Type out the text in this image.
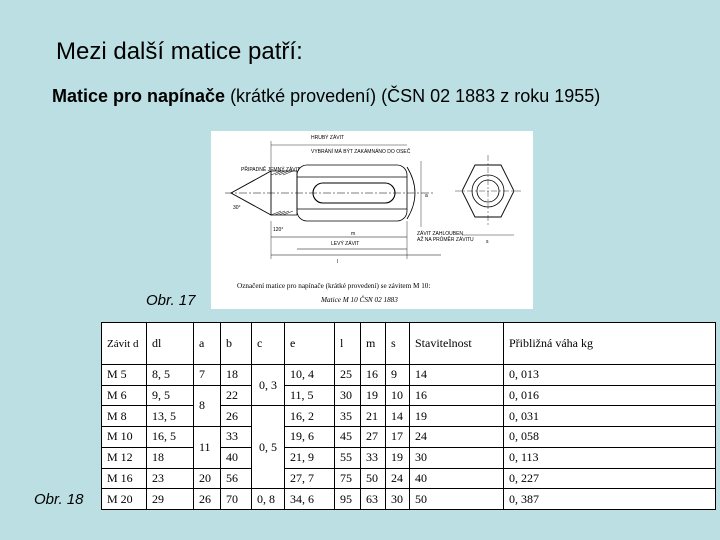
Mezi další matice patří:

Matice pro napínače (krátké provedení) (ČSN 02 1883 z roku 1955)

HRUBÝ ZÁVIT
VYBRÁNÍ MÁ BÝT ZAKÁMNÁNO DO OSEČ
PŘIPADNĚ JEMNÝ ZÁVIT
ZÁVIT ZAHLOUBEN
AŽ NA PRŮMĚR ZÁVITU
LEVÝ ZÁVIT
120°
30°
l
m
a
s
Označení matice pro napínače (krátké provedení) se závitem M 10:
Matice M 10 ČSN 02 1883
Obr. 17
Obr. 18
Závit d	dl	a	b	c	e	l	m	s	Stavitelnost	Přibližná váha kg
M 5	8, 5	7	18	0, 3	10, 4	25	16	9	14	0, 013
M 6	9, 5	8	22		11, 5	30	19	10	16	0, 016
M 8	13, 5		26	0, 5	16, 2	35	21	14	19	0, 031
M 10	16, 5	11	33		19, 6	45	27	17	24	0, 058
M 12	18		40		21, 9	55	33	19	30	0, 113
M 16	23	20	56		27, 7	75	50	24	40	0, 227
M 20	29	26	70	0, 8	34, 6	95	63	30	50	0, 387
